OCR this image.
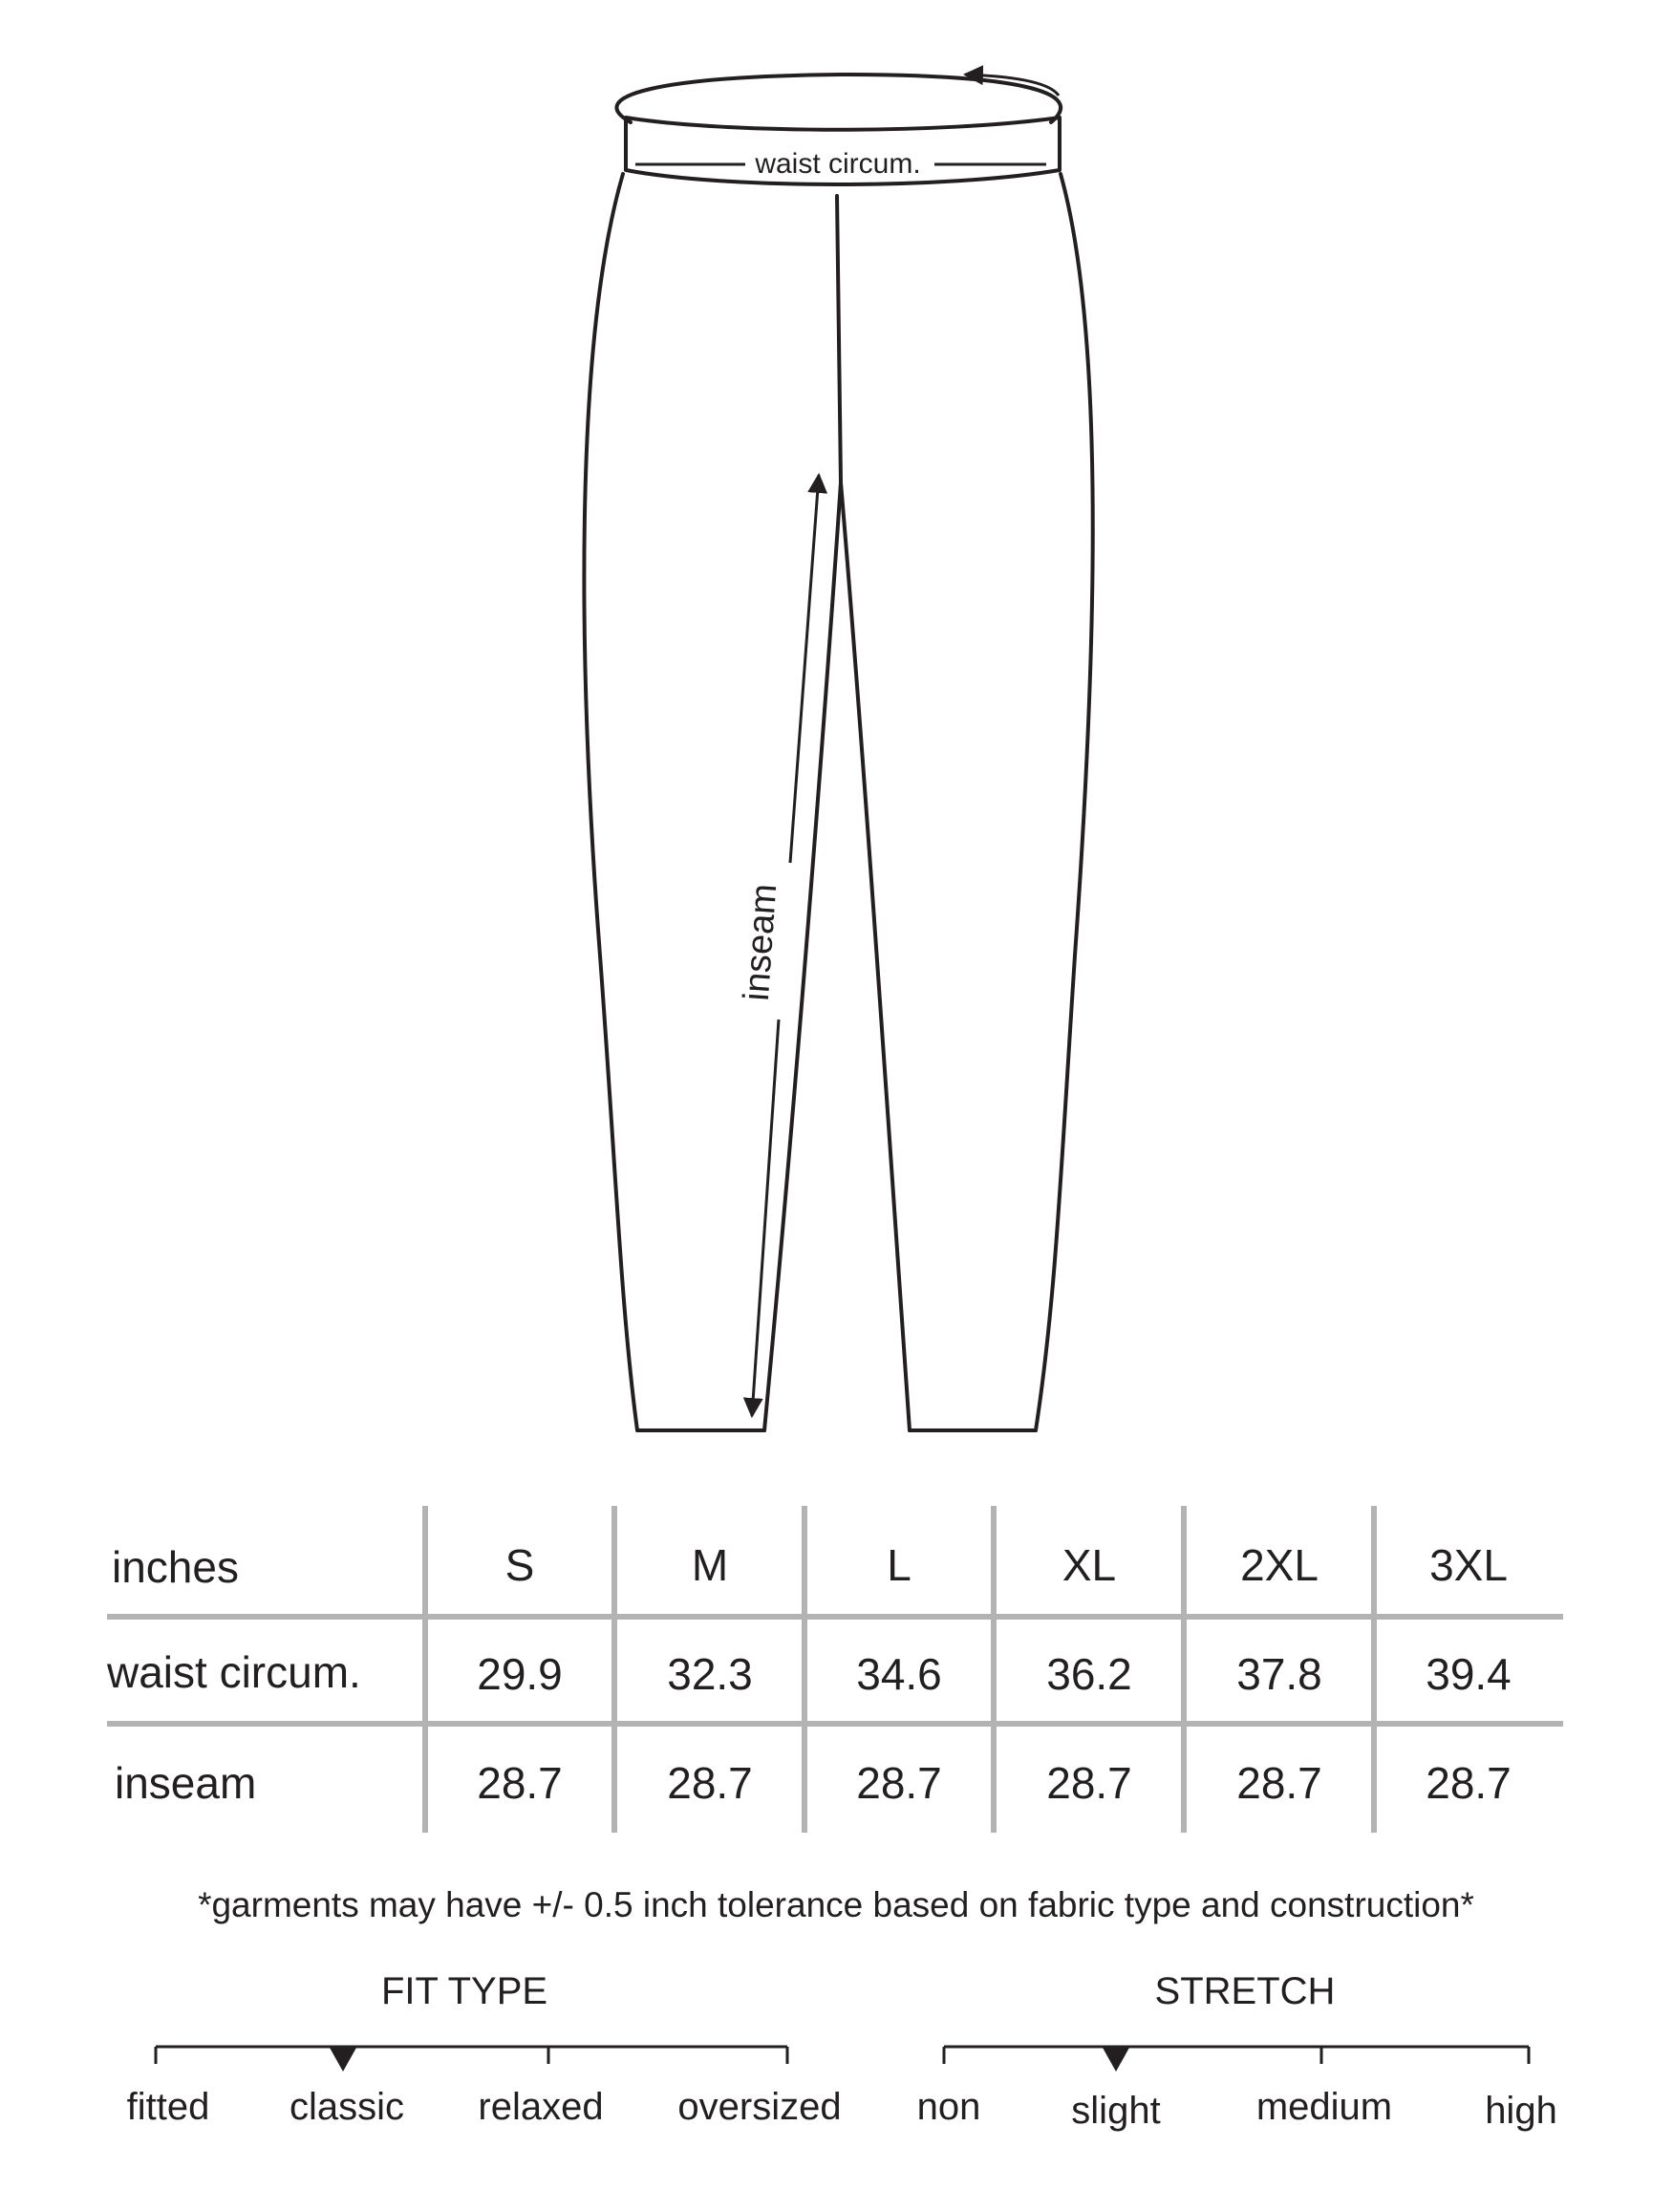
waist circum.
inseam
inches	S	M	L	XL	2XL	3XL
waist circum.	29.9 32.3 34.6 36.2 37.8 39.4
inseam	28.7 28.7 28.7 28.7 28.7 28.7
*garments may have +/- 0.5 inch tolerance based on fabric type and construction*
FIT TYPE
fitted classic relaxed oversized
STRETCH
non slight	medium high
